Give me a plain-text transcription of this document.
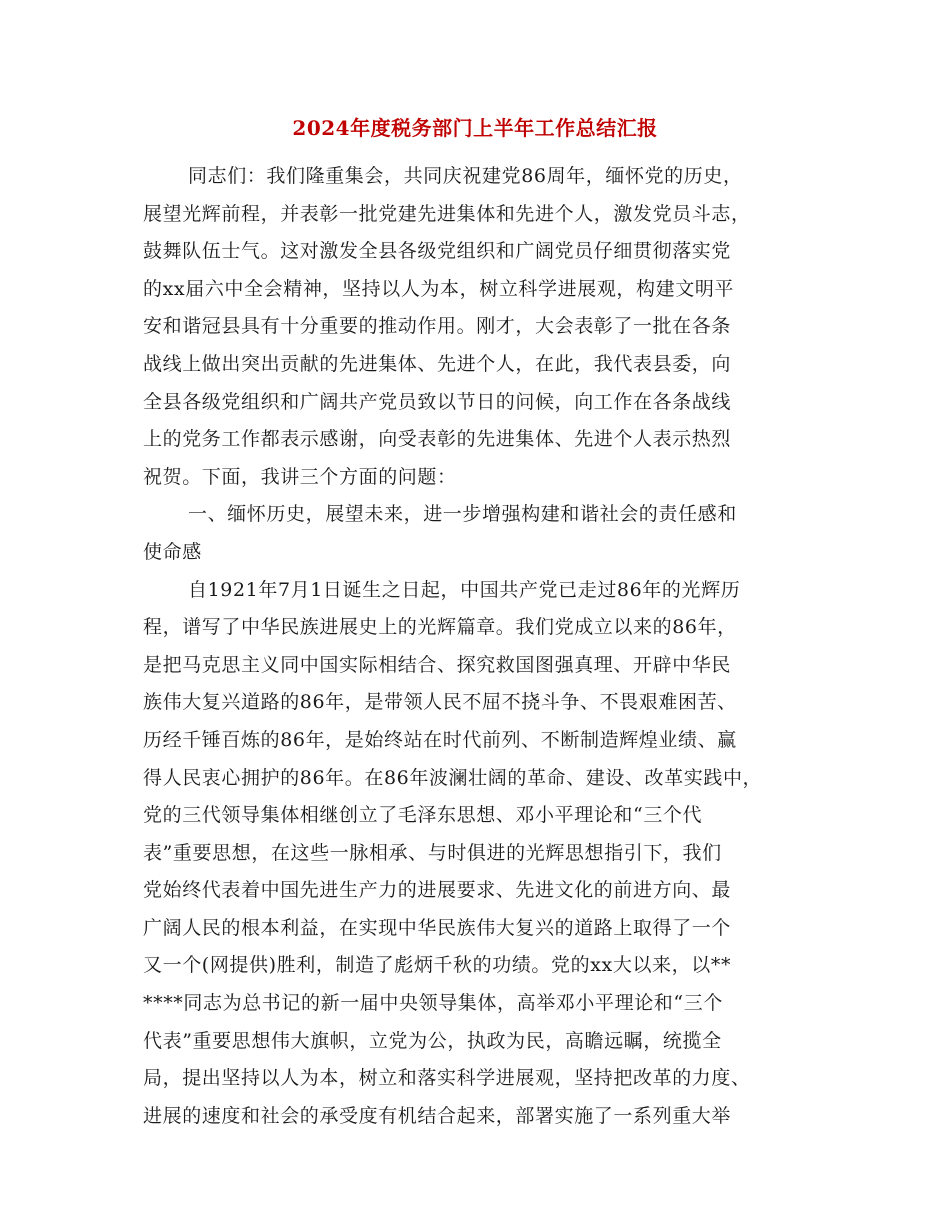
2024年度税务部门上半年工作总结汇报
同志们：我们隆重集会，共同庆祝建党86周年，缅怀党的历史，
展望光辉前程，并表彰一批党建先进集体和先进个人，激发党员斗志，
鼓舞队伍士气。这对激发全县各级党组织和广阔党员仔细贯彻落实党
的xx届六中全会精神，坚持以人为本，树立科学进展观，构建文明平
安和谐冠县具有十分重要的推动作用。刚才，大会表彰了一批在各条
战线上做出突出贡献的先进集体、先进个人，在此，我代表县委，向
全县各级党组织和广阔共产党员致以节日的问候，向工作在各条战线
上的党务工作都表示感谢，向受表彰的先进集体、先进个人表示热烈
祝贺。下面，我讲三个方面的问题：
一、缅怀历史，展望未来，进一步增强构建和谐社会的责任感和
使命感
自1921年7月1日诞生之日起，中国共产党已走过86年的光辉历
程，谱写了中华民族进展史上的光辉篇章。我们党成立以来的86年，
是把马克思主义同中国实际相结合、探究救国图强真理、开辟中华民
族伟大复兴道路的86年，是带领人民不屈不挠斗争、不畏艰难困苦、
历经千锤百炼的86年，是始终站在时代前列、不断制造辉煌业绩、赢
得人民衷心拥护的86年。在86年波澜壮阔的革命、建设、改革实践中，
党的三代领导集体相继创立了毛泽东思想、邓小平理论和“三个代
表”重要思想，在这些一脉相承、与时俱进的光辉思想指引下，我们
党始终代表着中国先进生产力的进展要求、先进文化的前进方向、最
广阔人民的根本利益，在实现中华民族伟大复兴的道路上取得了一个
又一个(网提供)胜利，制造了彪炳千秋的功绩。党的xx大以来，以**
****同志为总书记的新一届中央领导集体，高举邓小平理论和“三个
代表”重要思想伟大旗帜，立党为公，执政为民，高瞻远瞩，统揽全
局，提出坚持以人为本，树立和落实科学进展观，坚持把改革的力度、
进展的速度和社会的承受度有机结合起来，部署实施了一系列重大举
